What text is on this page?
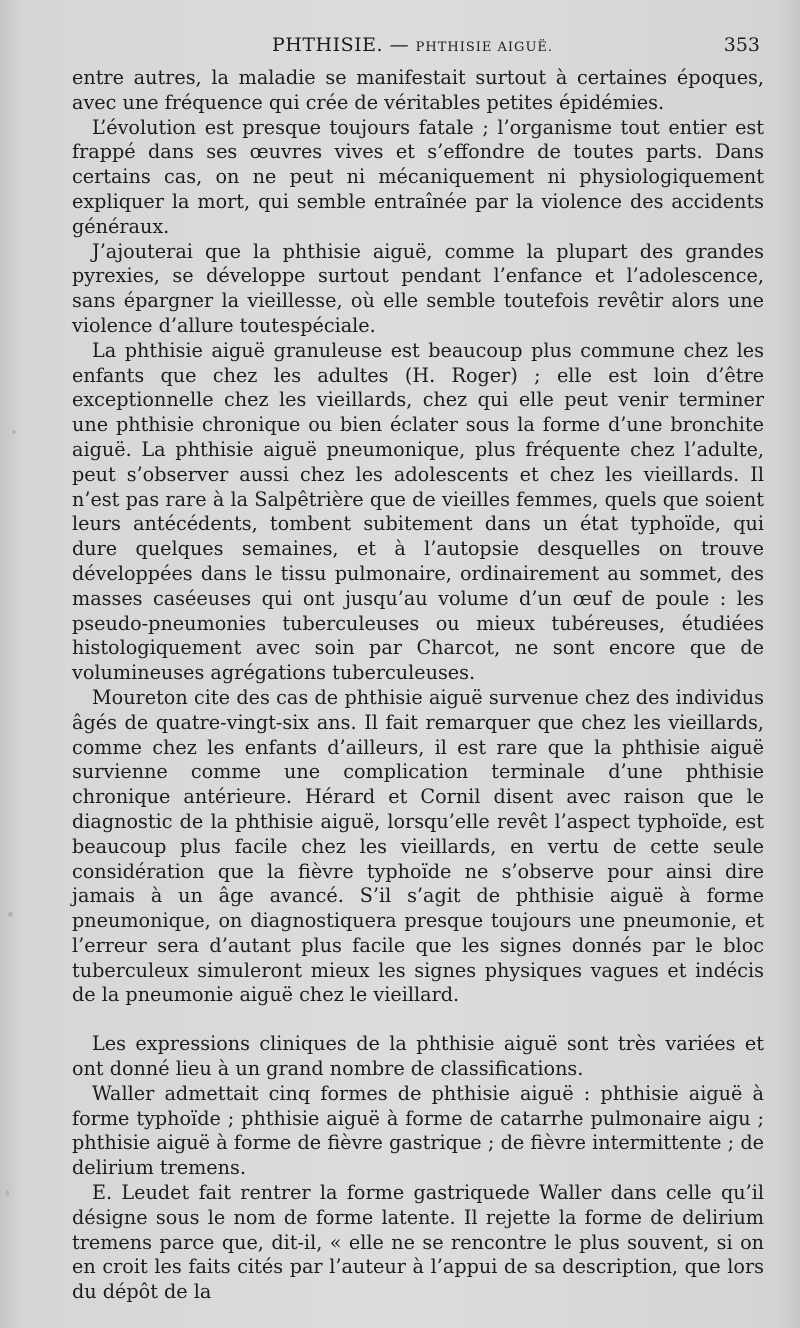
PHTHISIE. — PHTHISIE AIGUË.	353

entre autres, la maladie se manifestait surtout à certaines époques, avec une fréquence qui crée de véritables petites épidémies.

L’évolution est presque toujours fatale ; l’organisme tout entier est frappé dans ses œuvres vives et s’effondre de toutes parts. Dans certains cas, on ne peut ni mécaniquement ni physiologiquement expliquer la mort, qui semble entraînée par la violence des accidents généraux.

J’ajouterai que la phthisie aiguë, comme la plupart des grandes pyrexies, se développe surtout pendant l’enfance et l’adolescence, sans épargner la vieillesse, où elle semble toutefois revêtir alors une violence d’allure toutespéciale.

La phthisie aiguë granuleuse est beaucoup plus commune chez les enfants que chez les adultes (H. Roger) ; elle est loin d’être exceptionnelle chez les vieillards, chez qui elle peut venir terminer une phthisie chronique ou bien éclater sous la forme d’une bronchite aiguë. La phthisie aiguë pneumonique, plus fréquente chez l’adulte, peut s’observer aussi chez les adolescents et chez les vieillards. Il n’est pas rare à la Salpêtrière que de vieilles femmes, quels que soient leurs antécédents, tombent subitement dans un état typhoïde, qui dure quelques semaines, et à l’autopsie desquelles on trouve développées dans le tissu pulmonaire, ordinairement au sommet, des masses caséeuses qui ont jusqu’au volume d’un œuf de poule : les pseudo-pneumonies tuberculeuses ou mieux tubéreuses, étudiées histologiquement avec soin par Charcot, ne sont encore que de volumineuses agrégations tuberculeuses.

Moureton cite des cas de phthisie aiguë survenue chez des individus âgés de quatre-vingt-six ans. Il fait remarquer que chez les vieillards, comme chez les enfants d’ailleurs, il est rare que la phthisie aiguë survienne comme une complication terminale d’une phthisie chronique antérieure. Hérard et Cornil disent avec raison que le diagnostic de la phthisie aiguë, lorsqu’elle revêt l’aspect typhoïde, est beaucoup plus facile chez les vieillards, en vertu de cette seule considération que la fièvre typhoïde ne s’observe pour ainsi dire jamais à un âge avancé. S’il s’agit de phthisie aiguë à forme pneumonique, on diagnostiquera presque toujours une pneumonie, et l’erreur sera d’autant plus facile que les signes donnés par le bloc tuberculeux simuleront mieux les signes physiques vagues et indécis de la pneumonie aiguë chez le vieillard.

Les expressions cliniques de la phthisie aiguë sont très variées et ont donné lieu à un grand nombre de classifications.

Waller admettait cinq formes de phthisie aiguë : phthisie aiguë à forme typhoïde ; phthisie aiguë à forme de catarrhe pulmonaire aigu ; phthisie aiguë à forme de fièvre gastrique ; de fièvre intermittente ; de delirium tremens.

E. Leudet fait rentrer la forme gastriquede Waller dans celle qu’il désigne sous le nom de forme latente. Il rejette la forme de delirium tremens parce que, dit-il, « elle ne se rencontre le plus souvent, si on en croit les faits cités par l’auteur à l’appui de sa description, que lors du dépôt de la
